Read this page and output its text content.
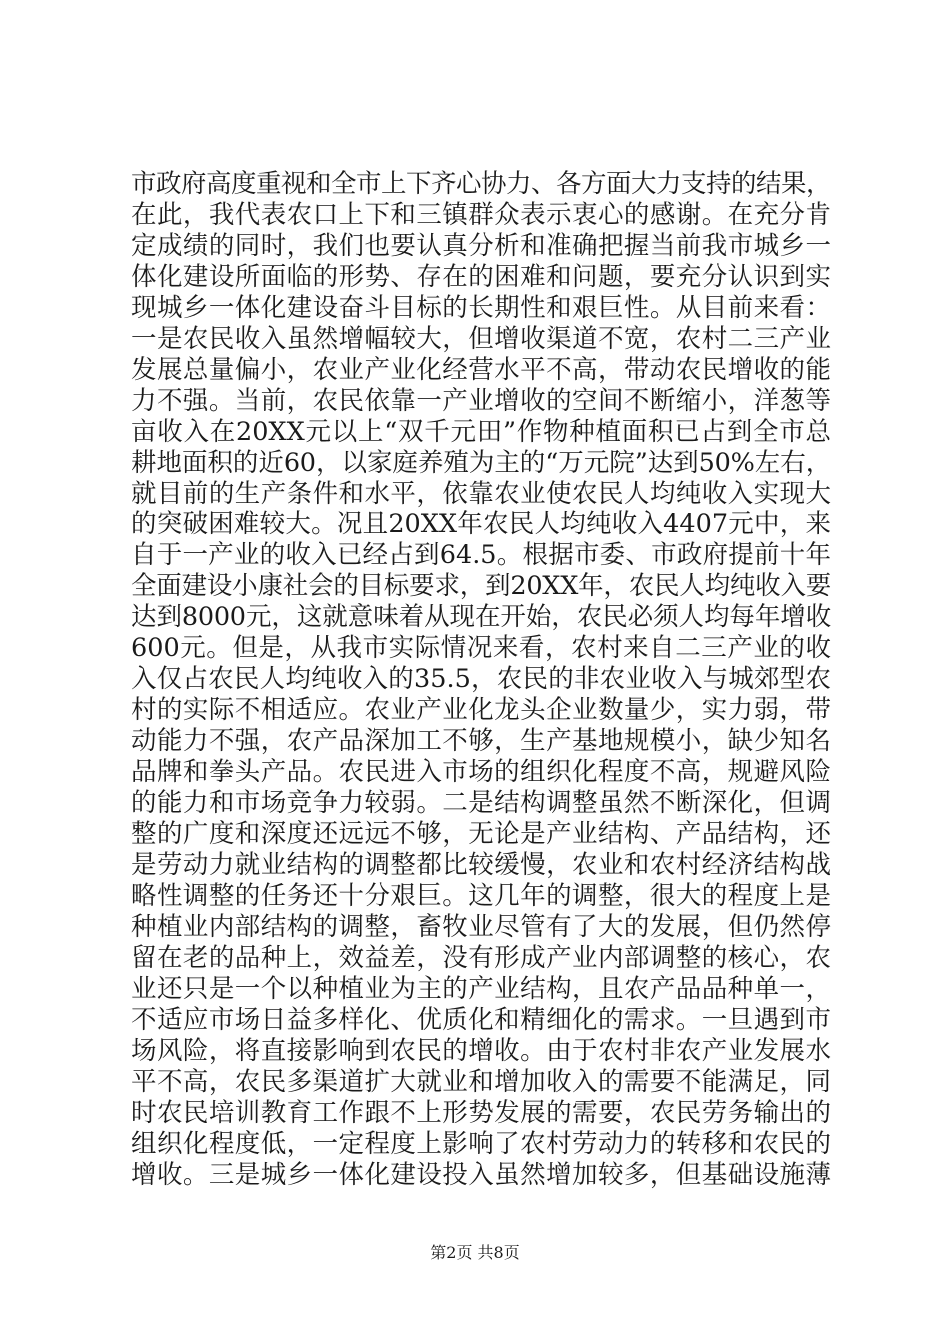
市政府高度重视和全市上下齐心协力、各方面大力支持的结果，
在此，我代表农口上下和三镇群众表示衷心的感谢。在充分肯
定成绩的同时，我们也要认真分析和准确把握当前我市城乡一
体化建设所面临的形势、存在的困难和问题，要充分认识到实
现城乡一体化建设奋斗目标的长期性和艰巨性。从目前来看：
一是农民收入虽然增幅较大，但增收渠道不宽，农村二三产业
发展总量偏小，农业产业化经营水平不高，带动农民增收的能
力不强。当前，农民依靠一产业增收的空间不断缩小，洋葱等
亩收入在20XX元以上“双千元田”作物种植面积已占到全市总
耕地面积的近60，以家庭养殖为主的“万元院”达到50%左右，
就目前的生产条件和水平，依靠农业使农民人均纯收入实现大
的突破困难较大。况且20XX年农民人均纯收入4407元中，来
自于一产业的收入已经占到64.5。根据市委、市政府提前十年
全面建设小康社会的目标要求，到20XX年，农民人均纯收入要
达到8000元，这就意味着从现在开始，农民必须人均每年增收
600元。但是，从我市实际情况来看，农村来自二三产业的收
入仅占农民人均纯收入的35.5，农民的非农业收入与城郊型农
村的实际不相适应。农业产业化龙头企业数量少，实力弱，带
动能力不强，农产品深加工不够，生产基地规模小，缺少知名
品牌和拳头产品。农民进入市场的组织化程度不高，规避风险
的能力和市场竞争力较弱。二是结构调整虽然不断深化，但调
整的广度和深度还远远不够，无论是产业结构、产品结构，还
是劳动力就业结构的调整都比较缓慢，农业和农村经济结构战
略性调整的任务还十分艰巨。这几年的调整，很大的程度上是
种植业内部结构的调整，畜牧业尽管有了大的发展，但仍然停
留在老的品种上，效益差，没有形成产业内部调整的核心，农
业还只是一个以种植业为主的产业结构，且农产品品种单一，
不适应市场日益多样化、优质化和精细化的需求。一旦遇到市
场风险，将直接影响到农民的增收。由于农村非农产业发展水
平不高，农民多渠道扩大就业和增加收入的需要不能满足，同
时农民培训教育工作跟不上形势发展的需要，农民劳务输出的
组织化程度低，一定程度上影响了农村劳动力的转移和农民的
增收。三是城乡一体化建设投入虽然增加较多，但基础设施薄
第2页 共8页
